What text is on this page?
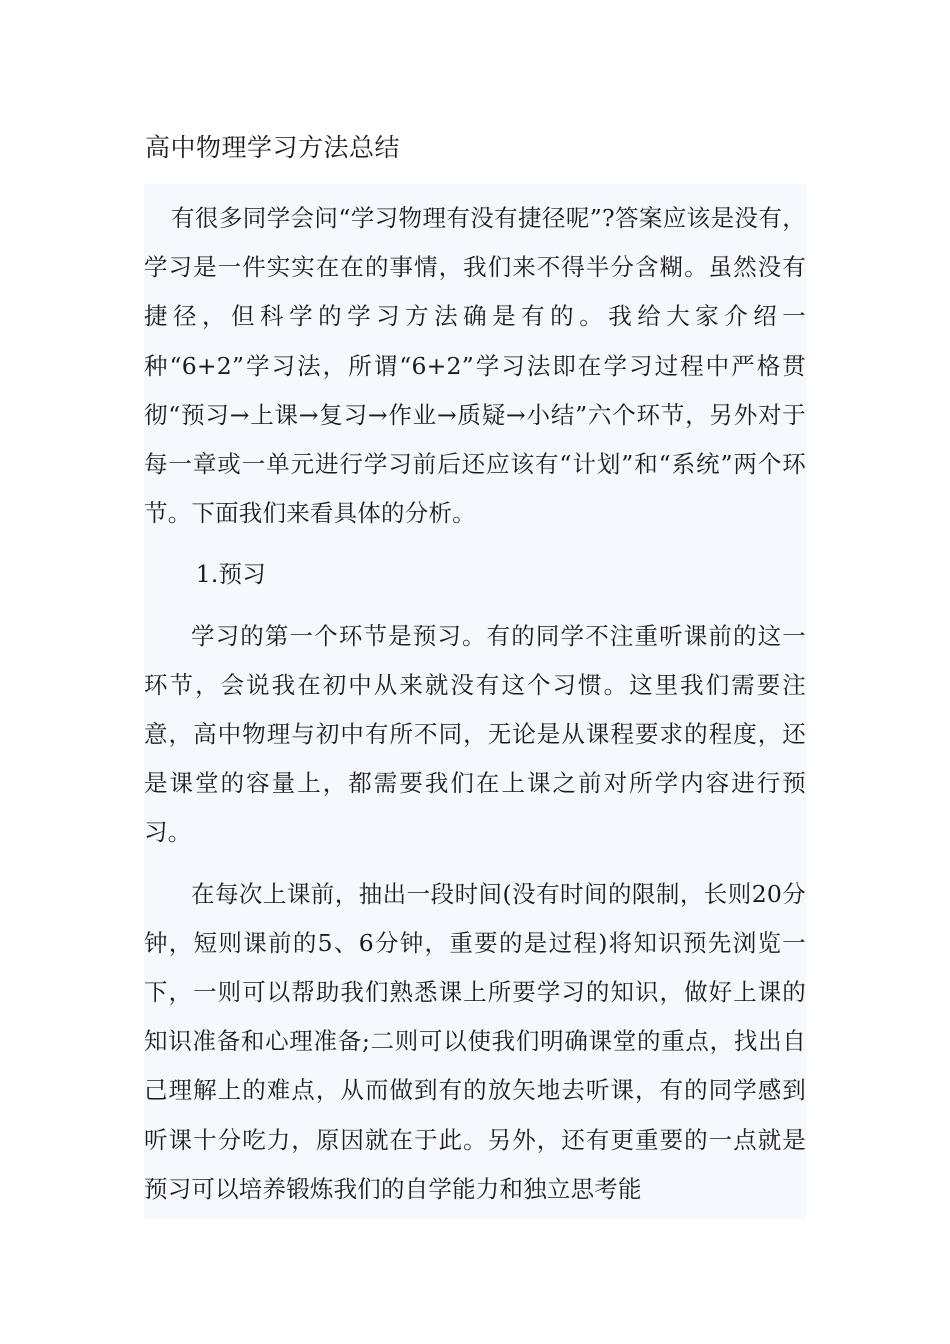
高中物理学习方法总结

有很多同学会问“学习物理有没有捷径呢”?答案应该是没有，学习是一件实实在在的事情，我们来不得半分含糊。虽然没有捷径，但科学的学习方法确是有的。我给大家介绍一种“6+2”学习法，所谓“6+2”学习法即在学习过程中严格贯彻“预习→上课→复习→作业→质疑→小结”六个环节，另外对于每一章或一单元进行学习前后还应该有“计划”和“系统”两个环节。下面我们来看具体的分析。

1.预习

学习的第一个环节是预习。有的同学不注重听课前的这一环节，会说我在初中从来就没有这个习惯。这里我们需要注意，高中物理与初中有所不同，无论是从课程要求的程度，还是课堂的容量上，都需要我们在上课之前对所学内容进行预习。

在每次上课前，抽出一段时间(没有时间的限制，长则20分钟，短则课前的5、6分钟，重要的是过程)将知识预先浏览一下，一则可以帮助我们熟悉课上所要学习的知识，做好上课的知识准备和心理准备;二则可以使我们明确课堂的重点，找出自己理解上的难点，从而做到有的放矢地去听课，有的同学感到听课十分吃力，原因就在于此。另外，还有更重要的一点就是预习可以培养锻炼我们的自学能力和独立思考能
